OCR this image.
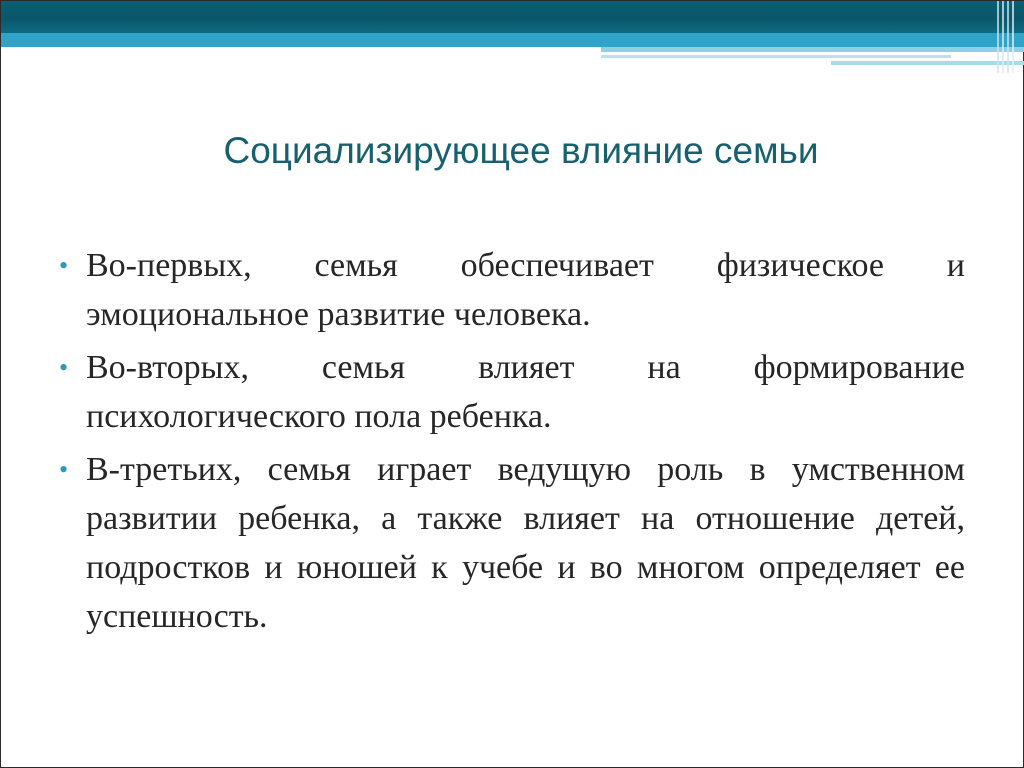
Социализирующее влияние семьи
• Во-первых, семья обеспечивает физическое и эмоциональное развитие человека.
• Во-вторых, семья влияет на формирование психологического пола ребенка.
• В-третьих, семья играет ведущую роль в умственном развитии ребенка, а также влияет на отношение детей, подростков и юношей к учебе и во многом определяет ее успешность.
